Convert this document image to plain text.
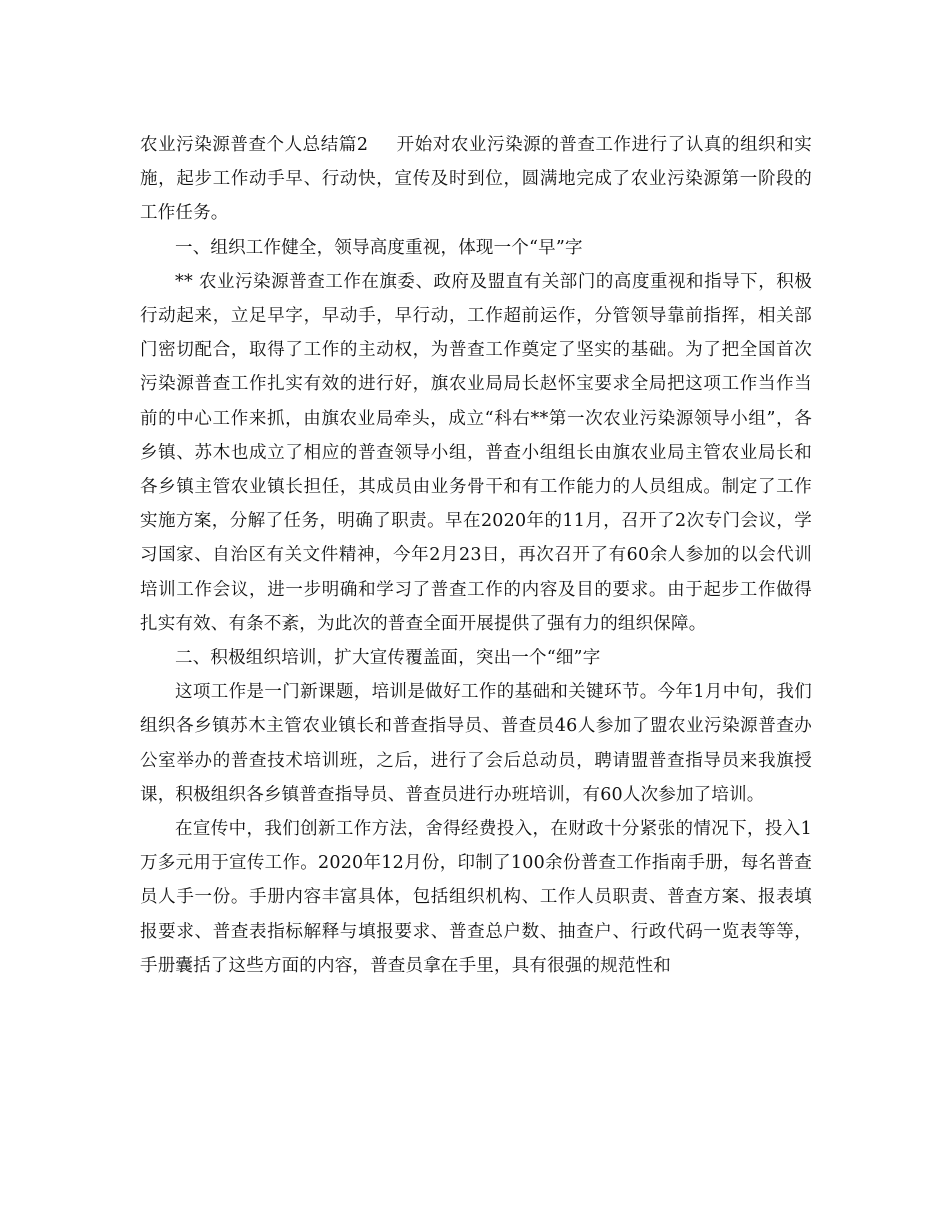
农业污染源普查个人总结篇2 开始对农业污染源的普查工作进行了认真的组织和实施，起步工作动手早、行动快，宣传及时到位，圆满地完成了农业污染源第一阶段的工作任务。

一、组织工作健全，领导高度重视，体现一个“早”字

** 农业污染源普查工作在旗委、政府及盟直有关部门的高度重视和指导下，积极行动起来，立足早字，早动手，早行动，工作超前运作，分管领导靠前指挥，相关部门密切配合，取得了工作的主动权，为普查工作奠定了坚实的基础。为了把全国首次污染源普查工作扎实有效的进行好，旗农业局局长赵怀宝要求全局把这项工作当作当前的中心工作来抓，由旗农业局牵头，成立“科右**第一次农业污染源领导小组”，各乡镇、苏木也成立了相应的普查领导小组，普查小组组长由旗农业局主管农业局长和各乡镇主管农业镇长担任，其成员由业务骨干和有工作能力的人员组成。制定了工作实施方案，分解了任务，明确了职责。早在2020年的11月，召开了2次专门会议，学习国家、自治区有关文件精神，今年2月23日，再次召开了有60余人参加的以会代训培训工作会议，进一步明确和学习了普查工作的内容及目的要求。由于起步工作做得扎实有效、有条不紊，为此次的普查全面开展提供了强有力的组织保障。

二、积极组织培训，扩大宣传覆盖面，突出一个“细”字

这项工作是一门新课题，培训是做好工作的基础和关键环节。今年1月中旬，我们组织各乡镇苏木主管农业镇长和普查指导员、普查员46人参加了盟农业污染源普查办公室举办的普查技术培训班，之后，进行了会后总动员，聘请盟普查指导员来我旗授课，积极组织各乡镇普查指导员、普查员进行办班培训，有60人次参加了培训。

在宣传中，我们创新工作方法，舍得经费投入，在财政十分紧张的情况下，投入1万多元用于宣传工作。2020年12月份，印制了100余份普查工作指南手册，每名普查员人手一份。手册内容丰富具体，包括组织机构、工作人员职责、普查方案、报表填报要求、普查表指标解释与填报要求、普查总户数、抽查户、行政代码一览表等等，手册囊括了这些方面的内容，普查员拿在手里，具有很强的规范性和
